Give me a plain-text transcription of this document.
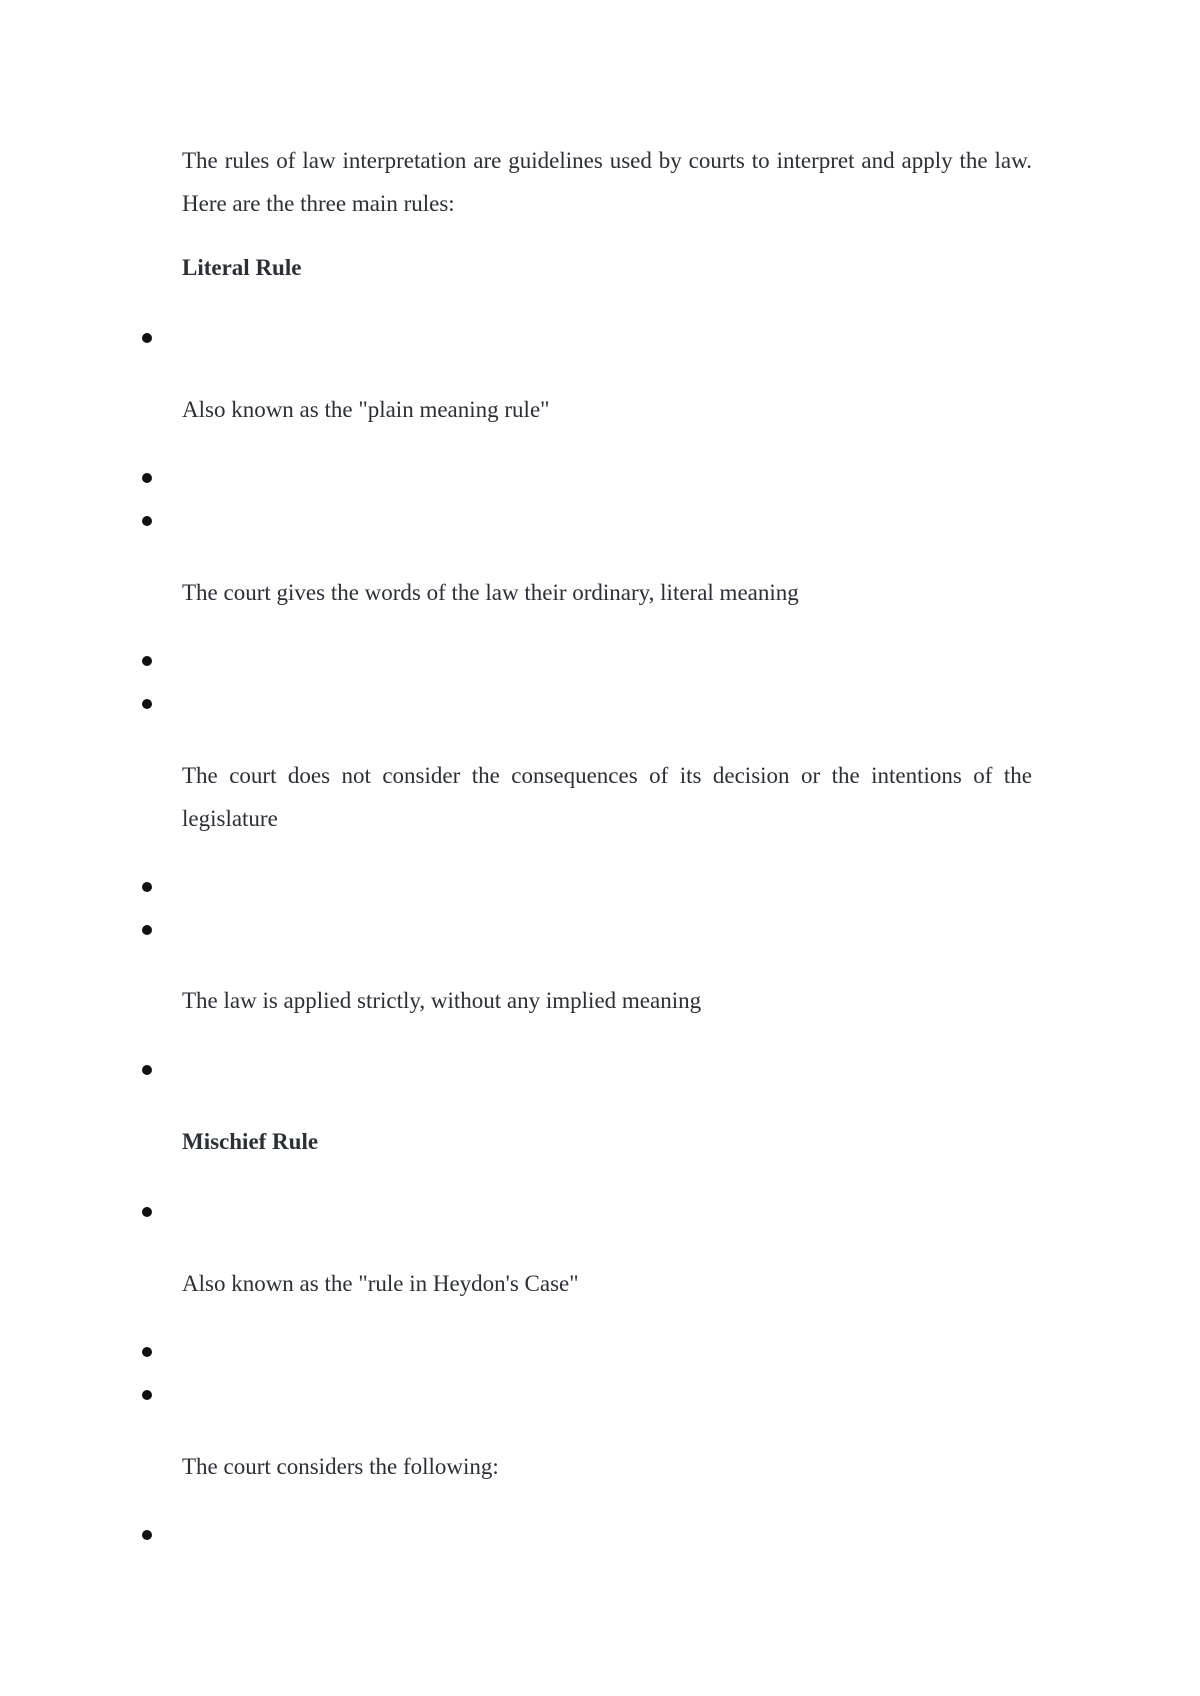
The rules of law interpretation are guidelines used by courts to interpret and apply the law. Here are the three main rules:

Literal Rule

Also known as the "plain meaning rule"

The court gives the words of the law their ordinary, literal meaning

The court does not consider the consequences of its decision or the intentions of the legislature

The law is applied strictly, without any implied meaning

Mischief Rule

Also known as the "rule in Heydon's Case"

The court considers the following:
